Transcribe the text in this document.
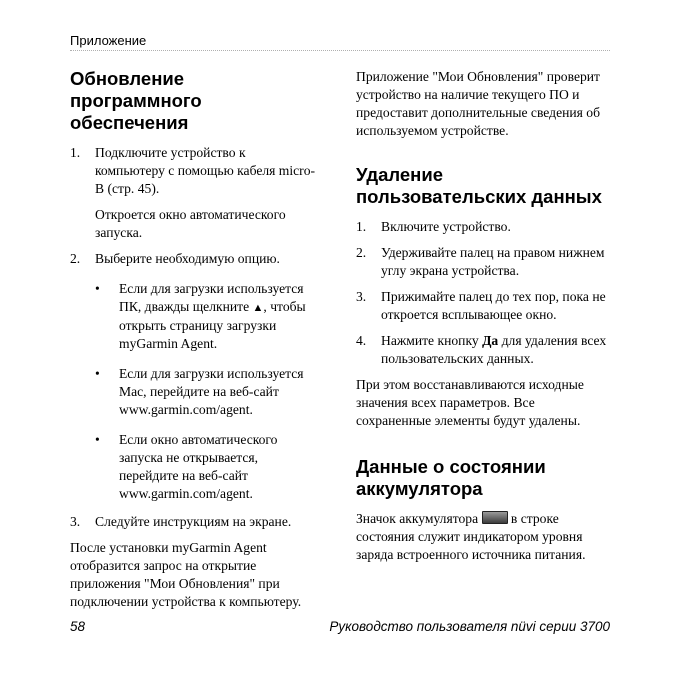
Приложение
Обновление программного обеспечения
1. Подключите устройство к компьютеру с помощью кабеля micro-B (стр. 45).

Откроется окно автоматического запуска.

2. Выберите необходимую опцию.

• Если для загрузки используется ПК, дважды щелкните ▲, чтобы открыть страницу загрузки myGarmin Agent.
• Если для загрузки используется Mac, перейдите на веб-сайт www.garmin.com/agent.
• Если окно автоматического запуска не открывается, перейдите на веб-сайт www.garmin.com/agent.
3. Следуйте инструкциям на экране.

После установки myGarmin Agent отобразится запрос на открытие приложения "Мои Обновления" при подключении устройства к компьютеру.

Приложение "Мои Обновления" проверит устройство на наличие текущего ПО и предоставит дополнительные сведения об используемом устройстве.

Удаление пользовательских данных
1. Включите устройство.

2. Удерживайте палец на правом нижнем углу экрана устройства.

3. Прижимайте палец до тех пор, пока не откроется всплывающее окно.

4. Нажмите кнопку Да для удаления всех пользовательских данных.

При этом восстанавливаются исходные значения всех параметров. Все сохраненные элементы будут удалены.

Данные о состоянии аккумулятора

Значок аккумулятора  в строке состояния служит индикатором уровня заряда встроенного источника питания.

58	Руководство пользователя nüvi серии 3700
